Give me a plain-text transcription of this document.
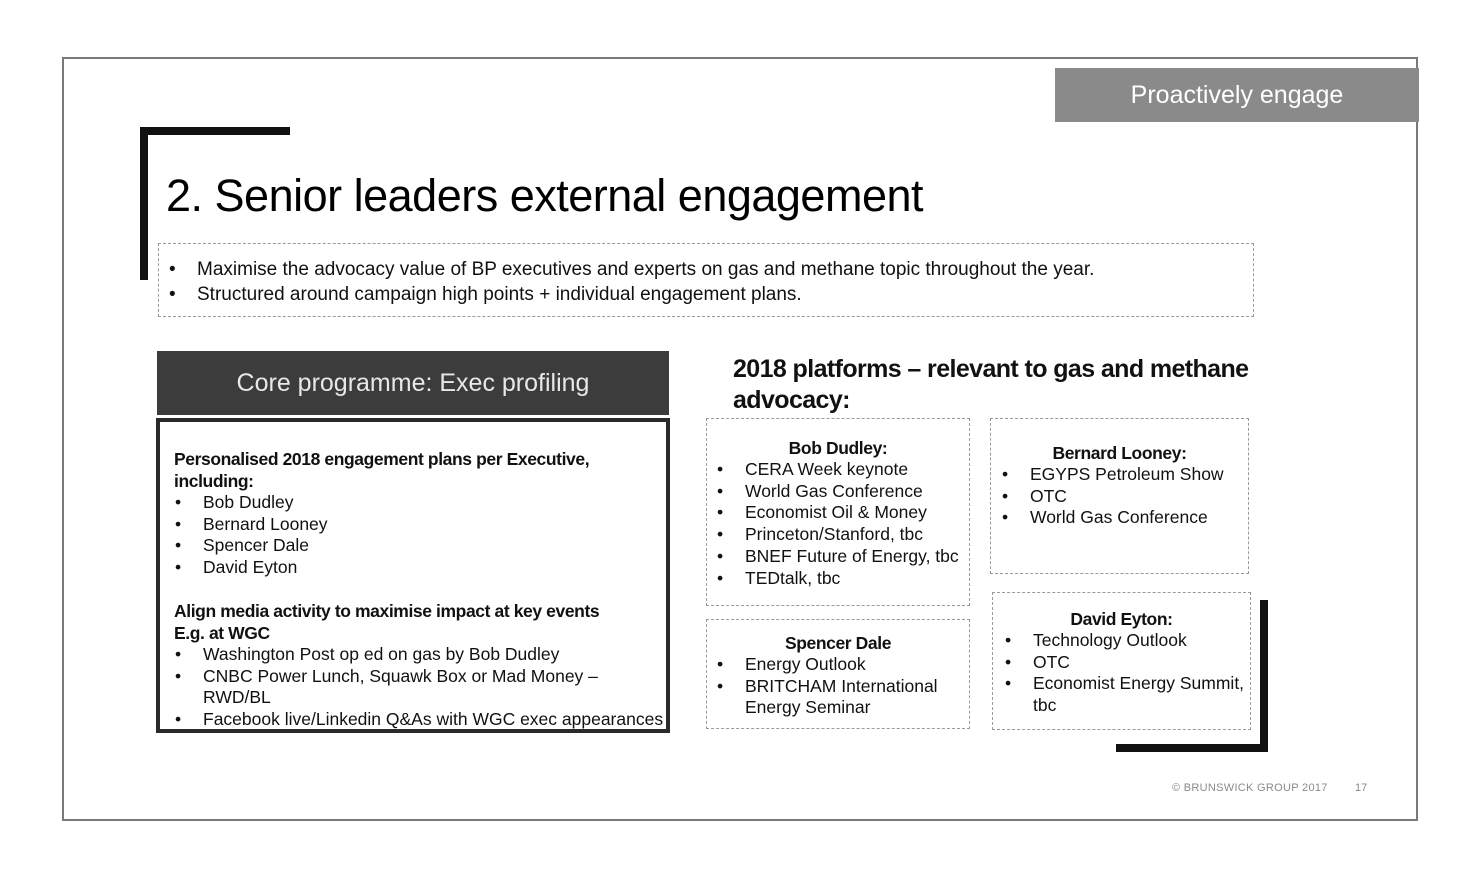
Proactively engage
2. Senior leaders external engagement
• Maximise the advocacy value of BP executives and experts on gas and methane topic throughout the year.
• Structured around campaign high points + individual engagement plans.
Core programme: Exec profiling
Personalised 2018 engagement plans per Executive, including:
• Bob Dudley
• Bernard Looney
• Spencer Dale
• David Eyton
Align media activity to maximise impact at key events
E.g. at WGC
• Washington Post op ed on gas by Bob Dudley
• CNBC Power Lunch, Squawk Box or Mad Money – RWD/BL
• Facebook live/Linkedin Q&As with WGC exec appearances
2018 platforms – relevant to gas and methane advocacy:
Bob Dudley:
• CERA Week keynote
• World Gas Conference
• Economist Oil & Money
• Princeton/Stanford, tbc
• BNEF Future of Energy, tbc
• TEDtalk, tbc
Bernard Looney:
• EGYPS Petroleum Show
• OTC
• World Gas Conference
Spencer Dale
• Energy Outlook
• BRITCHAM International Energy Seminar
David Eyton:
• Technology Outlook
• OTC
• Economist Energy Summit, tbc
© BRUNSWICK GROUP 2017 17
